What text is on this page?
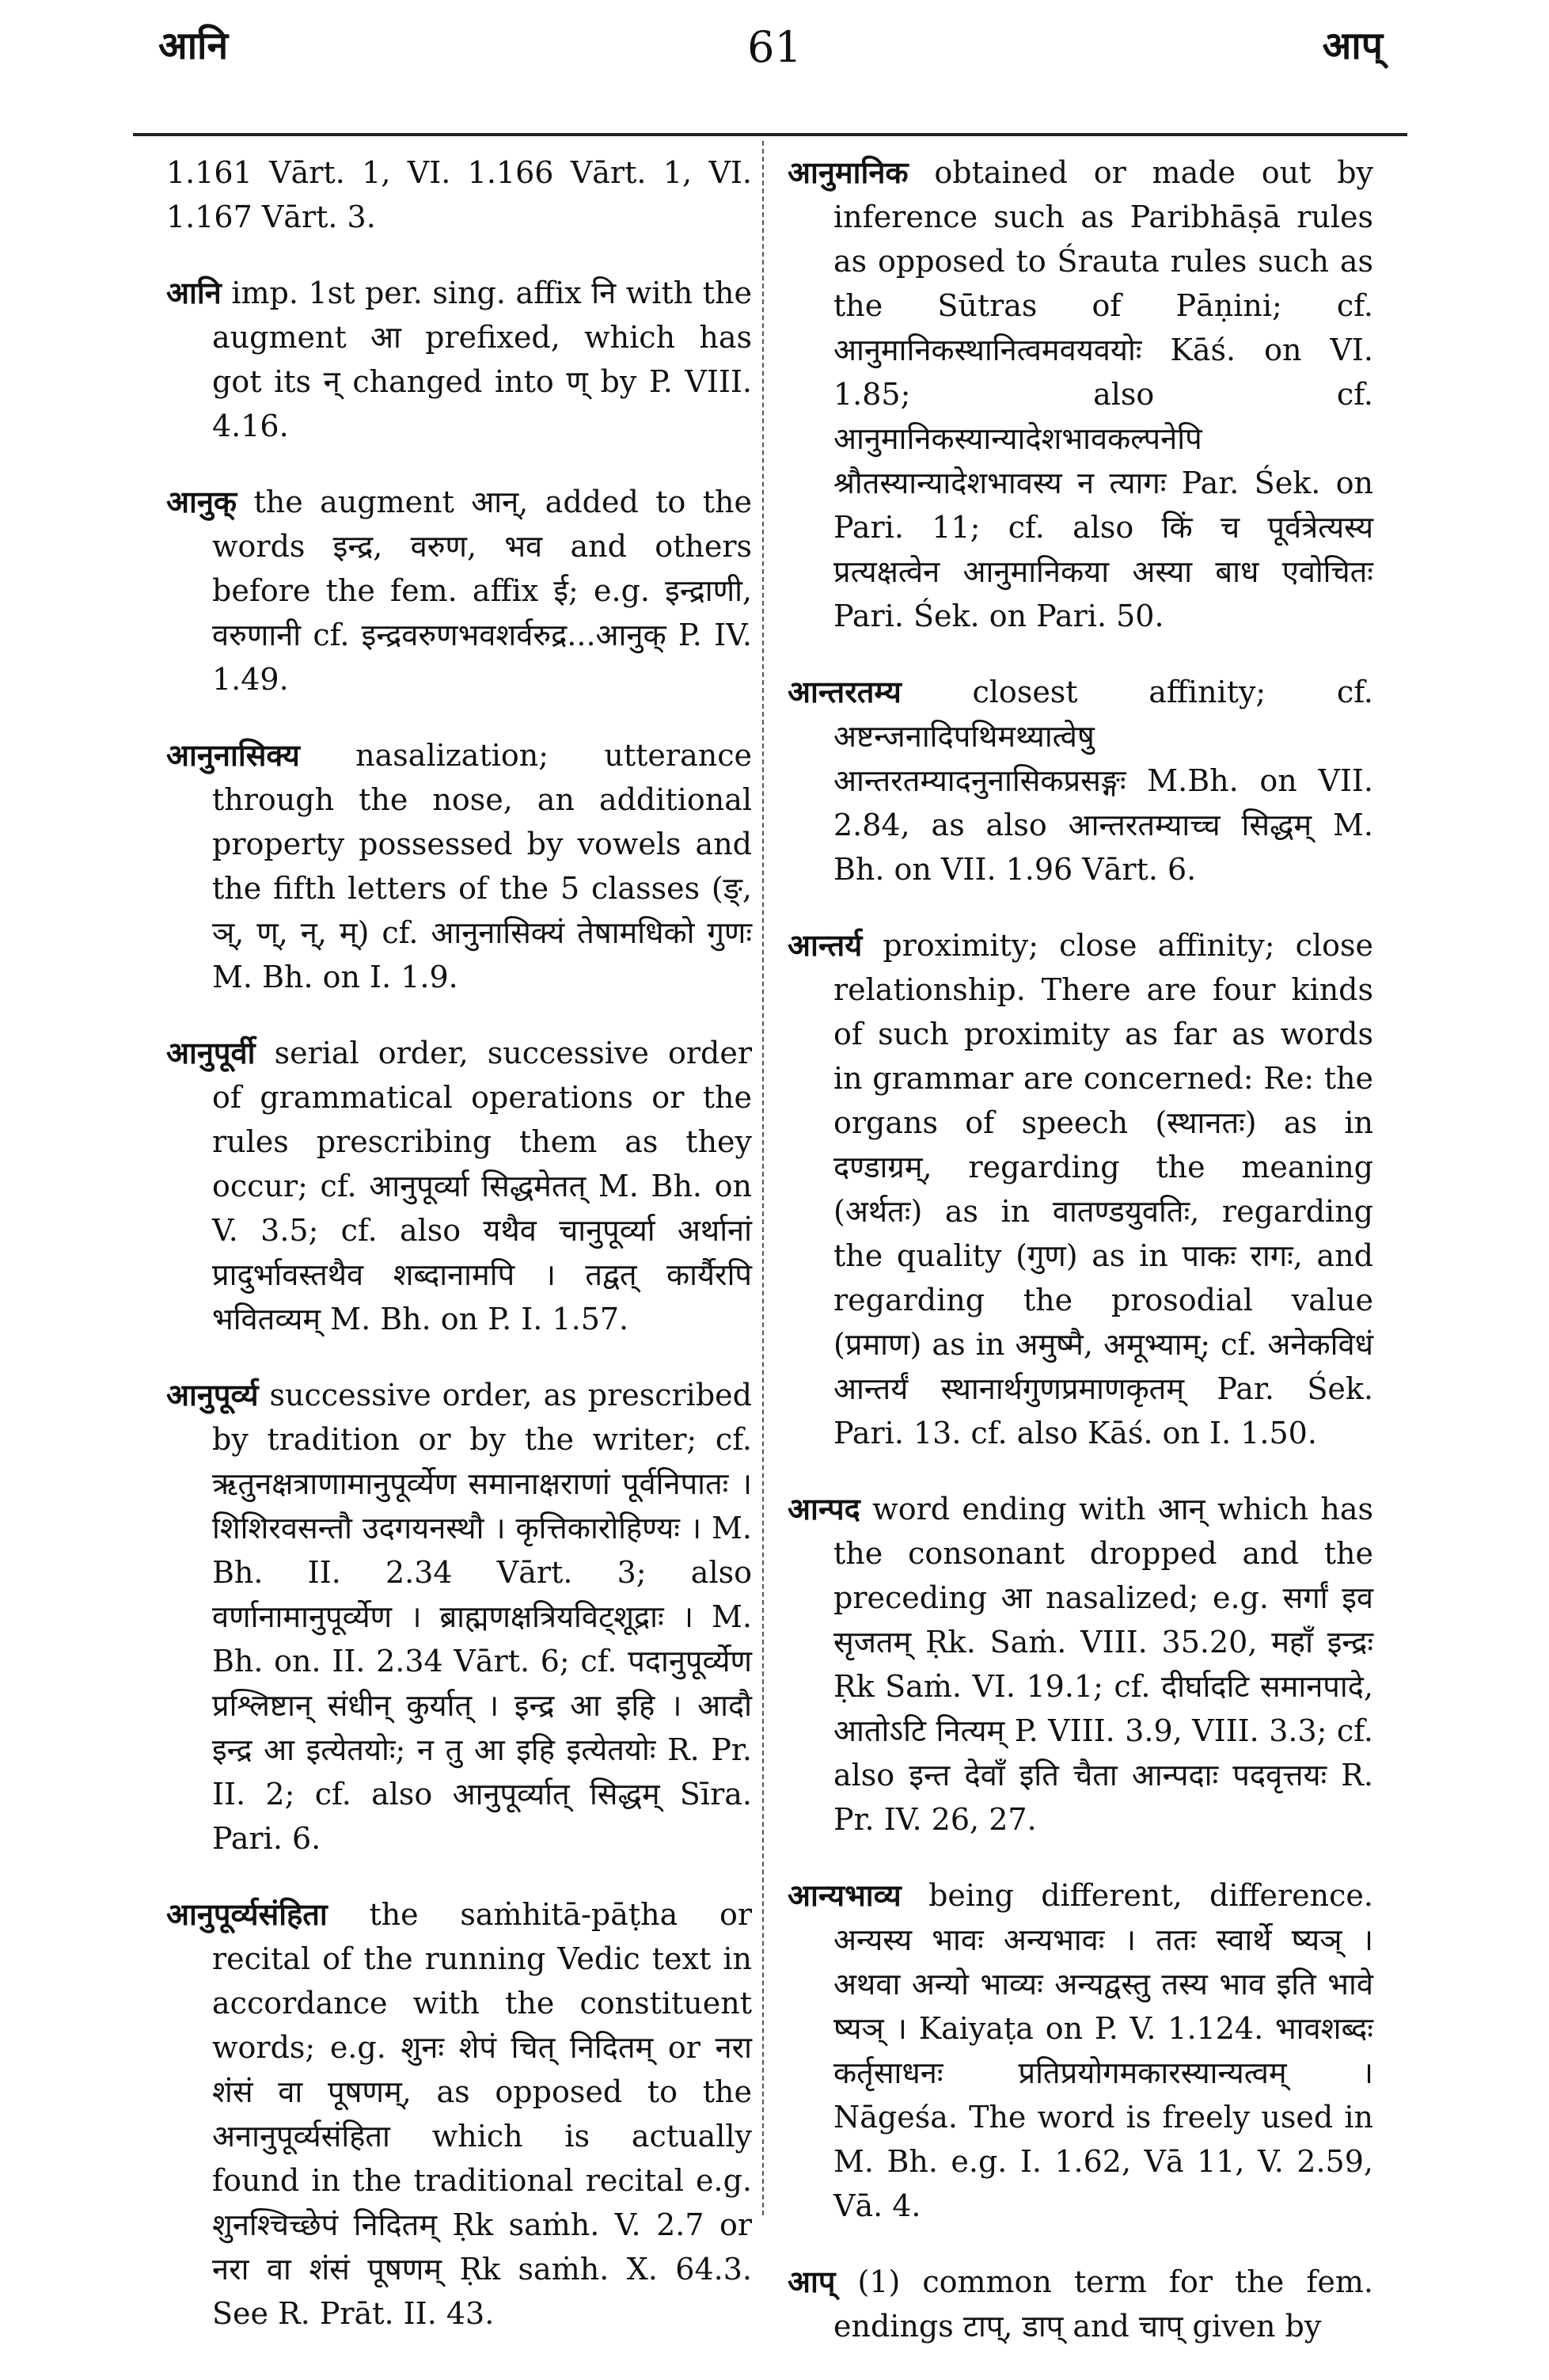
आनि	61	आप्

1.161 Vārt. 1, VI. 1.166 Vārt. 1, VI. 1.167 Vārt. 3.

आनि imp. 1st per. sing. affix नि with the augment आ prefixed, which has got its न् changed into ण् by P. VIII. 4.16.

आनुक् the augment आन्, added to the words इन्द्र, वरुण, भव and others before the fem. affix ई; e.g. इन्द्राणी, वरुणानी cf. इन्द्रवरुणभवशर्वरुद्र...आनुक् P. IV. 1.49.

आनुनासिक्य nasalization; utterance through the nose, an additional property possessed by vowels and the fifth letters of the 5 classes (ङ्, ञ्, ण्, न्, म्) cf. आनुनासिक्यं तेषामधिको गुणः M. Bh. on I. 1.9.

आनुपूर्वी serial order, successive order of grammatical operations or the rules prescribing them as they occur; cf. आनुपूर्व्या सिद्धमेतत् M. Bh. on V. 3.5; cf. also यथैव चानुपूर्व्या अर्थानां प्रादुर्भावस्तथैव शब्दानामपि । तद्वत् कार्यैरपि भवितव्यम् M. Bh. on P. I. 1.57.

आनुपूर्व्य successive order, as prescribed by tradition or by the writer; cf. ऋतुनक्षत्राणामानुपूर्व्येण समानाक्षराणां पूर्वनिपातः । शिशिरवसन्तौ उदगयनस्थौ । कृत्तिकारोहिण्यः । M. Bh. II. 2.34 Vārt. 3; also वर्णानामानुपूर्व्येण । ब्राह्मणक्षत्रियविट्शूद्राः । M. Bh. on. II. 2.34 Vārt. 6; cf. पदानुपूर्व्येण प्रश्लिष्टान् संधीन् कुर्यात् । इन्द्र आ इहि । आदौ इन्द्र आ इत्येतयोः; न तु आ इहि इत्येतयोः R. Pr. II. 2; cf. also आनुपूर्व्यात् सिद्धम् Sīra. Pari. 6.

आनुपूर्व्यसंहिता the saṁhitā-pāṭha or recital of the running Vedic text in accordance with the constituent words; e.g. शुनः शेपं चित् निदितम् or नरा शंसं वा पूषणम्, as opposed to the अनानुपूर्व्यसंहिता which is actually found in the traditional recital e.g. शुनश्चिच्छेपं निदितम् Ṛk saṁh. V. 2.7 or नरा वा शंसं पूषणम् Ṛk saṁh. X. 64.3. See R. Prāt. II. 43.

आनुमानिक obtained or made out by inference such as Paribhāṣā rules as opposed to Śrauta rules such as the Sūtras of Pāṇini; cf. आनुमानिकस्थानित्वमवयवयोः Kāś. on VI. 1.85; also cf. आनुमानिकस्यान्यादेशभावकल्पनेपि श्रौतस्यान्यादेशभावस्य न त्यागः Par. Śek. on Pari. 11; cf. also किं च पूर्वत्रेत्यस्य प्रत्यक्षत्वेन आनुमानिकया अस्या बाध एवोचितः Pari. Śek. on Pari. 50.

आन्तरतम्य closest affinity; cf. अष्टन्जनादिपथिमथ्यात्वेषु आन्तरतम्यादनुनासिकप्रसङ्गः M.Bh. on VII. 2.84, as also आन्तरतम्याच्च सिद्धम् M. Bh. on VII. 1.96 Vārt. 6.

आन्तर्य proximity; close affinity; close relationship. There are four kinds of such proximity as far as words in grammar are concerned: Re: the organs of speech (स्थानतः) as in दण्डाग्रम्, regarding the meaning (अर्थतः) as in वातण्डयुवतिः, regarding the quality (गुण) as in पाकः रागः, and regarding the prosodial value (प्रमाण) as in अमुष्मै, अमूभ्याम्; cf. अनेकविधं आन्तर्यं स्थानार्थगुणप्रमाणकृतम् Par. Śek. Pari. 13. cf. also Kāś. on I. 1.50.

आन्पद word ending with आन् which has the consonant dropped and the preceding आ nasalized; e.g. सर्गां इव सृजतम् Ṛk. Saṁ. VIII. 35.20, महाँ इन्द्रः Ṛk Saṁ. VI. 19.1; cf. दीर्घादटि समानपादे, आतोऽटि नित्यम् P. VIII. 3.9, VIII. 3.3; cf. also इन्त देवाँ इति चैता आन्पदाः पदवृत्तयः R. Pr. IV. 26, 27.

आन्यभाव्य being different, difference. अन्यस्य भावः अन्यभावः । ततः स्वार्थे ष्यञ् । अथवा अन्यो भाव्यः अन्यद्वस्तु तस्य भाव इति भावे ष्यञ् । Kaiyaṭa on P. V. 1.124. भावशब्दः कर्तृसाधनः प्रतिप्रयोगमकारस्यान्यत्वम् । Nāgeśa. The word is freely used in M. Bh. e.g. I. 1.62, Vā 11, V. 2.59, Vā. 4.

आप् (1) common term for the fem. endings टाप्, डाप् and चाप् given by
